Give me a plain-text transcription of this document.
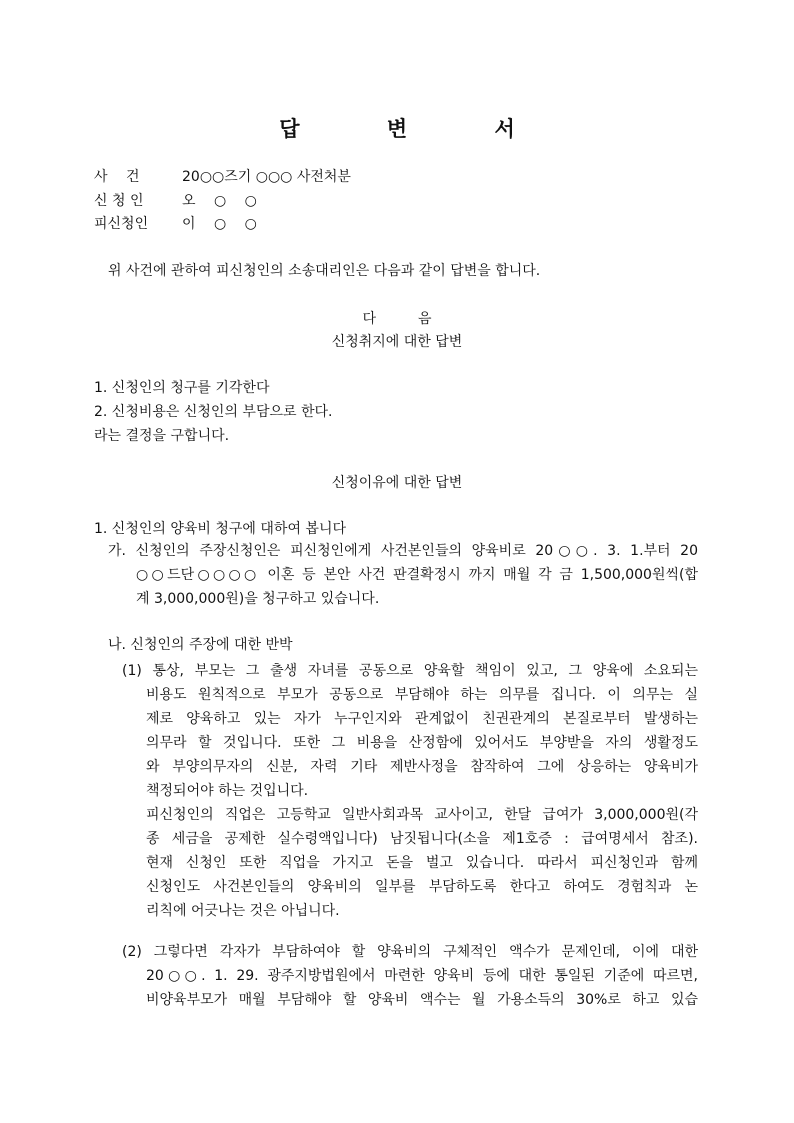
답 변 서
사　 건	20○○즈기 ○○○ 사전처분
신 청 인	오　 ○　 ○
피신청인 이　 ○　 ○
위 사건에 관하여 피신청인의 소송대리인은 다음과 같이 답변을 합니다.
다　　　음
신청취지에 대한 답변
1. 신청인의 청구를 기각한다
2. 신청비용은 신청인의 부담으로 한다.
라는 결정을 구합니다.
신청이유에 대한 답변
1. 신청인의 양육비 청구에 대하여 봅니다
가. 신청인의 주장신청인은 피신청인에게 사건본인들의 양육비로 20○○. 3. 1.부터 20
○○드단○○○○ 이혼 등 본안 사건 판결확정시 까지 매월 각 금 1,500,000원씩(합
계 3,000,000원)을 청구하고 있습니다.
나. 신청인의 주장에 대한 반박
(1) 통상, 부모는 그 출생 자녀를 공동으로 양육할 책임이 있고, 그 양육에 소요되는
비용도 원칙적으로 부모가 공동으로 부담해야 하는 의무를 집니다. 이 의무는 실
제로 양육하고 있는 자가 누구인지와 관계없이 친권관계의 본질로부터 발생하는
의무라 할 것입니다. 또한 그 비용을 산정함에 있어서도 부양받을 자의 생활정도
와 부양의무자의 신분, 자력 기타 제반사정을 참작하여 그에 상응하는 양육비가
책정되어야 하는 것입니다.
피신청인의 직업은 고등학교 일반사회과목 교사이고, 한달 급여가 3,000,000원(각
종 세금을 공제한 실수령액입니다) 남짓됩니다(소을 제1호증 : 급여명세서 참조).
현재 신청인 또한 직업을 가지고 돈을 벌고 있습니다. 따라서 피신청인과 함께
신청인도 사건본인들의 양육비의 일부를 부담하도록 한다고 하여도 경험칙과 논
리칙에 어긋나는 것은 아닙니다.
(2) 그렇다면 각자가 부담하여야 할 양육비의 구체적인 액수가 문제인데, 이에 대한
20○○. 1. 29. 광주지방법원에서 마련한 양육비 등에 대한 통일된 기준에 따르면,
비양육부모가 매월 부담해야 할 양육비 액수는 월 가용소득의 30%로 하고 있습
